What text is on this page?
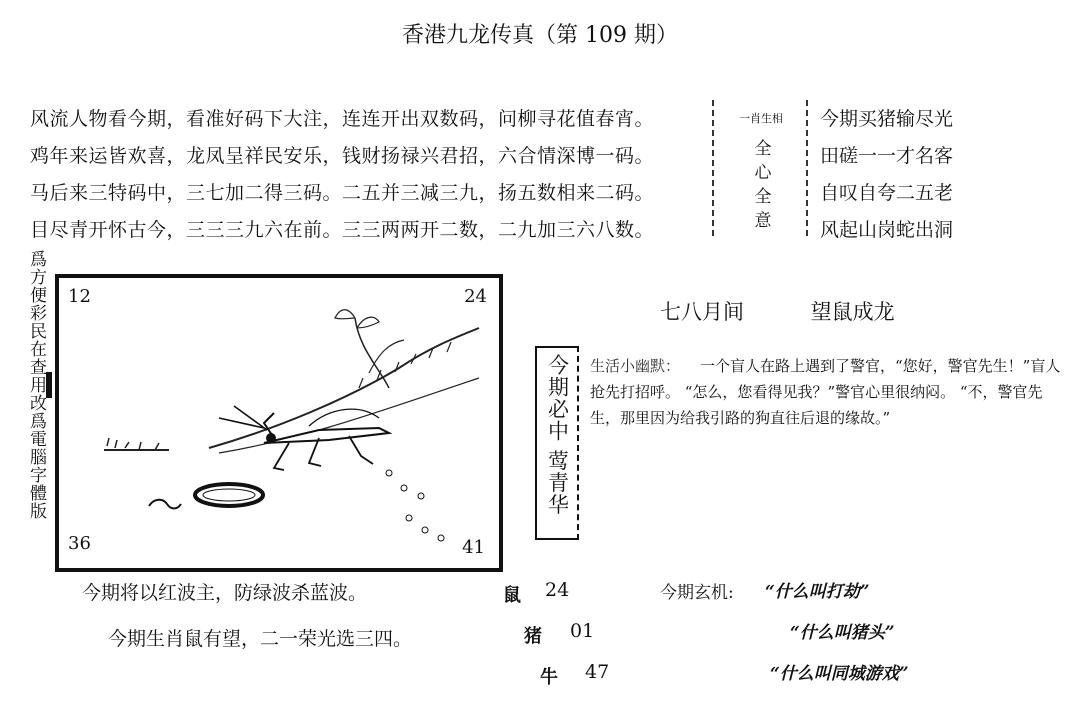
香港九龙传真（第 109 期）
风流人物看今期，看准好码下大注，连连开出双数码，问柳寻花值春宵。
鸡年来运皆欢喜，龙凤呈祥民安乐，钱财扬禄兴君招，六合情深博一码。
马后来三特码中，三七加二得三码。二五并三减三九，扬五数相来二码。
目尽青开怀古今，三三三九六在前。三三两两开二数，二九加三六八数。
一肖生相
全
心
全
意
今期买猪输尽光
田磋一一才名客
自叹自夸二五老
风起山岗蛇出洞
爲方便彩民在查用改爲電腦字體版 12	24
36	41
今期必中 莺青华
七八月间 望鼠成龙
生活小幽默：	一个盲人在路上遇到了警官，“您好，警官先生！”盲人抢先打招呼。 “怎么，您看得见我？”警官心里很纳闷。 “不，警官先生，那里因为给我引路的狗直往后退的缘故。”
今期将以红波主，防绿波杀蓝波。
今期生肖鼠有望，二一荣光选三四。
鼠 24
猪 01
牛 47
今期玄机: “什么叫打劫”
“什么叫猪头”
“什么叫同城游戏”
